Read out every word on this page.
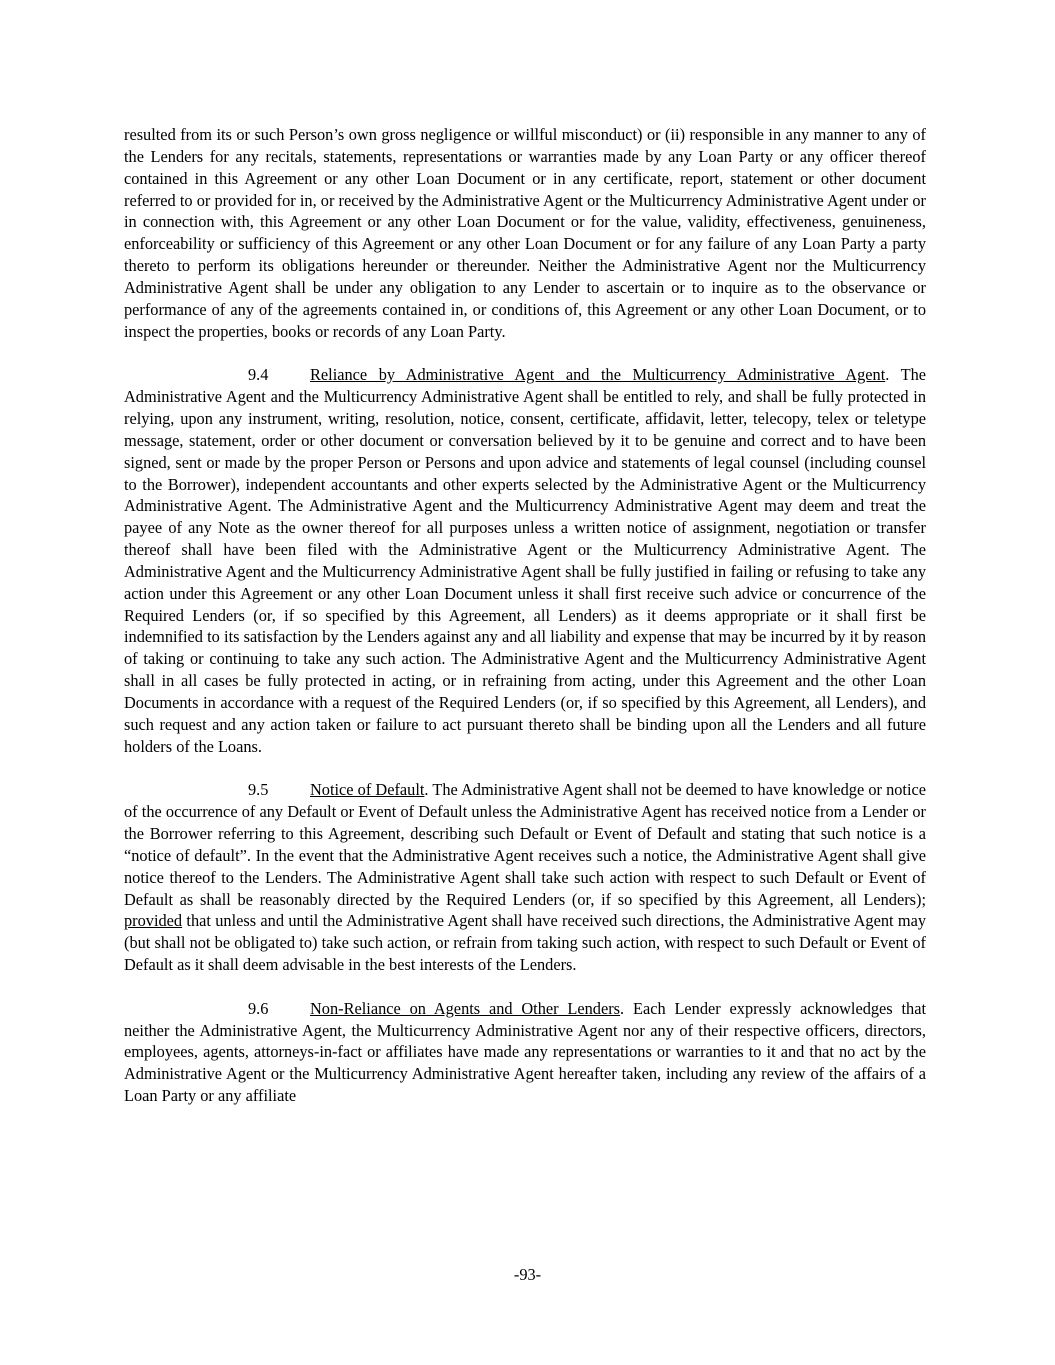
resulted from its or such Person’s own gross negligence or willful misconduct) or (ii) responsible in any manner to any of the Lenders for any recitals, statements, representations or warranties made by any Loan Party or any officer thereof contained in this Agreement or any other Loan Document or in any certificate, report, statement or other document referred to or provided for in, or received by the Administrative Agent or the Multicurrency Administrative Agent under or in connection with, this Agreement or any other Loan Document or for the value, validity, effectiveness, genuineness, enforceability or sufficiency of this Agreement or any other Loan Document or for any failure of any Loan Party a party thereto to perform its obligations hereunder or thereunder. Neither the Administrative Agent nor the Multicurrency Administrative Agent shall be under any obligation to any Lender to ascertain or to inquire as to the observance or performance of any of the agreements contained in, or conditions of, this Agreement or any other Loan Document, or to inspect the properties, books or records of any Loan Party.

9.4	Reliance by Administrative Agent and the Multicurrency Administrative Agent. The Administrative Agent and the Multicurrency Administrative Agent shall be entitled to rely, and shall be fully protected in relying, upon any instrument, writing, resolution, notice, consent, certificate, affidavit, letter, telecopy, telex or teletype message, statement, order or other document or conversation believed by it to be genuine and correct and to have been signed, sent or made by the proper Person or Persons and upon advice and statements of legal counsel (including counsel to the Borrower), independent accountants and other experts selected by the Administrative Agent or the Multicurrency Administrative Agent. The Administrative Agent and the Multicurrency Administrative Agent may deem and treat the payee of any Note as the owner thereof for all purposes unless a written notice of assignment, negotiation or transfer thereof shall have been filed with the Administrative Agent or the Multicurrency Administrative Agent. The Administrative Agent and the Multicurrency Administrative Agent shall be fully justified in failing or refusing to take any action under this Agreement or any other Loan Document unless it shall first receive such advice or concurrence of the Required Lenders (or, if so specified by this Agreement, all Lenders) as it deems appropriate or it shall first be indemnified to its satisfaction by the Lenders against any and all liability and expense that may be incurred by it by reason of taking or continuing to take any such action. The Administrative Agent and the Multicurrency Administrative Agent shall in all cases be fully protected in acting, or in refraining from acting, under this Agreement and the other Loan Documents in accordance with a request of the Required Lenders (or, if so specified by this Agreement, all Lenders), and such request and any action taken or failure to act pursuant thereto shall be binding upon all the Lenders and all future holders of the Loans.

9.5	Notice of Default. The Administrative Agent shall not be deemed to have knowledge or notice of the occurrence of any Default or Event of Default unless the Administrative Agent has received notice from a Lender or the Borrower referring to this Agreement, describing such Default or Event of Default and stating that such notice is a “notice of default”. In the event that the Administrative Agent receives such a notice, the Administrative Agent shall give notice thereof to the Lenders. The Administrative Agent shall take such action with respect to such Default or Event of Default as shall be reasonably directed by the Required Lenders (or, if so specified by this Agreement, all Lenders); provided that unless and until the Administrative Agent shall have received such directions, the Administrative Agent may (but shall not be obligated to) take such action, or refrain from taking such action, with respect to such Default or Event of Default as it shall deem advisable in the best interests of the Lenders.

9.6	Non-Reliance on Agents and Other Lenders. Each Lender expressly acknowledges that neither the Administrative Agent, the Multicurrency Administrative Agent nor any of their respective officers, directors, employees, agents, attorneys-in-fact or affiliates have made any representations or warranties to it and that no act by the Administrative Agent or the Multicurrency Administrative Agent hereafter taken, including any review of the affairs of a Loan Party or any affiliate

-93-
